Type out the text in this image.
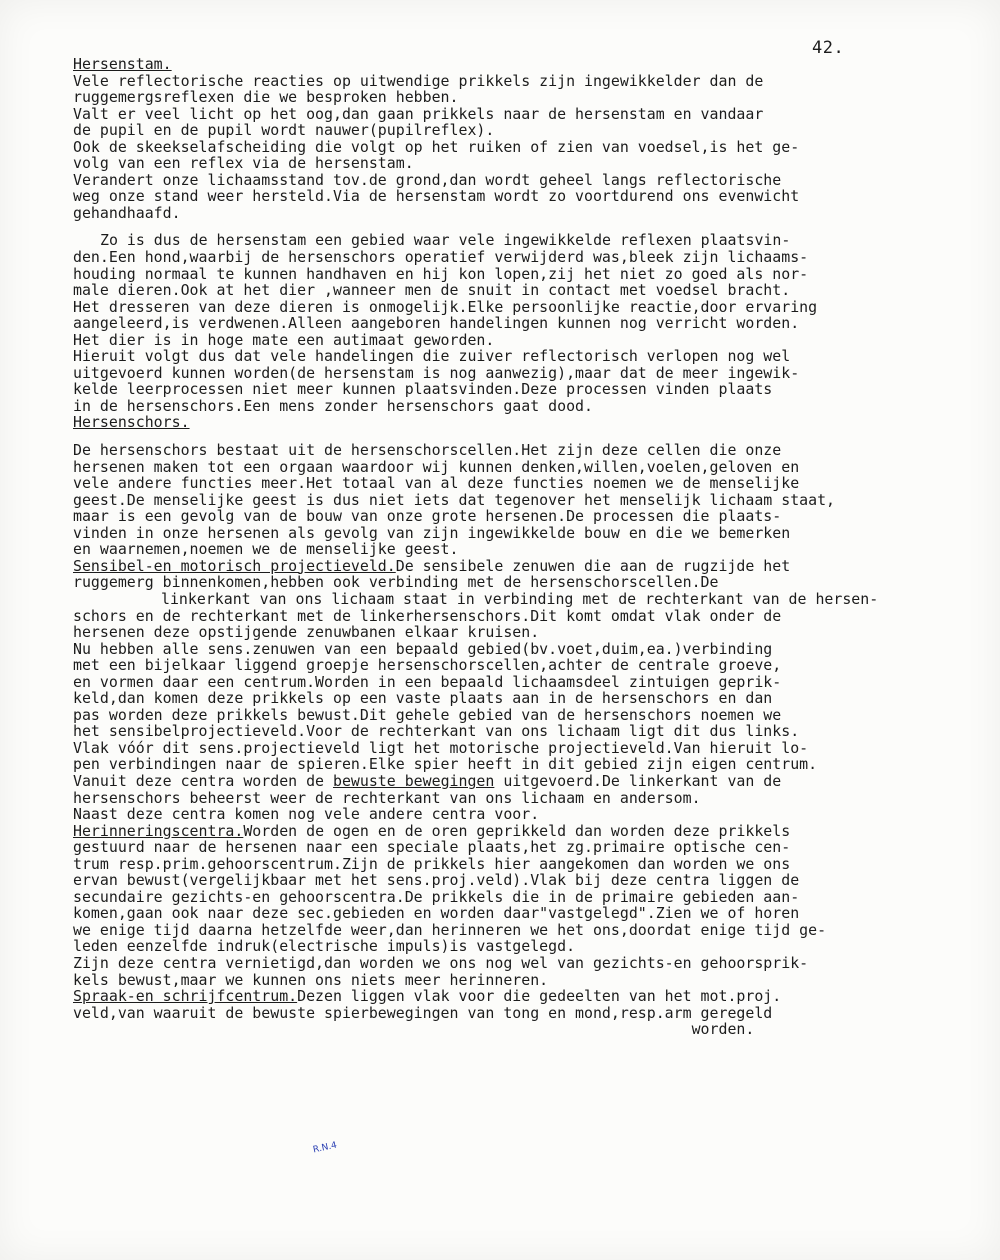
42.
Hersenstam.
Vele reflectorische reacties op uitwendige prikkels zijn ingewikkelder dan de
ruggemergsreflexen die we besproken hebben.
Valt er veel licht op het oog,dan gaan prikkels naar de hersenstam en vandaar
de pupil en de pupil wordt nauwer(pupilreflex).
Ook de skeekselafscheiding die volgt op het ruiken of zien van voedsel,is het ge-
volg van een reflex via de hersenstam.
Verandert onze lichaamsstand tov.de grond,dan wordt geheel langs reflectorische
weg onze stand weer hersteld.Via de hersenstam wordt zo voortdurend ons evenwicht
gehandhaafd.
Zo is dus de hersenstam een gebied waar vele ingewikkelde reflexen plaatsvin-
den.Een hond,waarbij de hersenschors operatief verwijderd was,bleek zijn lichaams-
houding normaal te kunnen handhaven en hij kon lopen,zij het niet zo goed als nor-
male dieren.Ook at het dier ,wanneer men de snuit in contact met voedsel bracht.
Het dresseren van deze dieren is onmogelijk.Elke persoonlijke reactie,door ervaring
aangeleerd,is verdwenen.Alleen aangeboren handelingen kunnen nog verricht worden.
Het dier is in hoge mate een autimaat geworden.
Hieruit volgt dus dat vele handelingen die zuiver reflectorisch verlopen nog wel
uitgevoerd kunnen worden(de hersenstam is nog aanwezig),maar dat de meer ingewik-
kelde leerprocessen niet meer kunnen plaatsvinden.Deze processen vinden plaats
in de hersenschors.Een mens zonder hersenschors gaat dood.
Hersenschors.
De hersenschors bestaat uit de hersenschorscellen.Het zijn deze cellen die onze
hersenen maken tot een orgaan waardoor wij kunnen denken,willen,voelen,geloven en
vele andere functies meer.Het totaal van al deze functies noemen we de menselijke
geest.De menselijke geest is dus niet iets dat tegenover het menselijk lichaam staat,
maar is een gevolg van de bouw van onze grote hersenen.De processen die plaats-
vinden in onze hersenen als gevolg van zijn ingewikkelde bouw en die we bemerken
en waarnemen,noemen we de menselijke geest.
Sensibel-en motorisch projectieveld.De sensibele zenuwen die aan de rugzijde het
ruggemerg binnenkomen,hebben ook verbinding met de hersenschorscellen.De
linkerkant van ons lichaam staat in verbinding met de rechterkant van de hersen-
schors en de rechterkant met de linkerhersenschors.Dit komt omdat vlak onder de
hersenen deze opstijgende zenuwbanen elkaar kruisen.
Nu hebben alle sens.zenuwen van een bepaald gebied(bv.voet,duim,ea.)verbinding
met een bijelkaar liggend groepje hersenschorscellen,achter de centrale groeve,
en vormen daar een centrum.Worden in een bepaald lichaamsdeel zintuigen geprik-
keld,dan komen deze prikkels op een vaste plaats aan in de hersenschors en dan
pas worden deze prikkels bewust.Dit gehele gebied van de hersenschors noemen we
het sensibelprojectieveld.Voor de rechterkant van ons lichaam ligt dit dus links.
Vlak vóór dit sens.projectieveld ligt het motorische projectieveld.Van hieruit lo-
pen verbindingen naar de spieren.Elke spier heeft in dit gebied zijn eigen centrum.
Vanuit deze centra worden de bewuste bewegingen uitgevoerd.De linkerkant van de
hersenschors beheerst weer de rechterkant van ons lichaam en andersom.
Naast deze centra komen nog vele andere centra voor.
Herinneringscentra.Worden de ogen en de oren geprikkeld dan worden deze prikkels
gestuurd naar de hersenen naar een speciale plaats,het zg.primaire optische cen-
trum resp.prim.gehoorscentrum.Zijn de prikkels hier aangekomen dan worden we ons
ervan bewust(vergelijkbaar met het sens.proj.veld).Vlak bij deze centra liggen de
secundaire gezichts-en gehoorscentra.De prikkels die in de primaire gebieden aan-
komen,gaan ook naar deze sec.gebieden en worden daar"vastgelegd".Zien we of horen
we enige tijd daarna hetzelfde weer,dan herinneren we het ons,doordat enige tijd ge-
leden eenzelfde indruk(electrische impuls)is vastgelegd.
Zijn deze centra vernietigd,dan worden we ons nog wel van gezichts-en gehoorsprik-
kels bewust,maar we kunnen ons niets meer herinneren.
Spraak-en schrijfcentrum.Dezen liggen vlak voor die gedeelten van het mot.proj.
veld,van waaruit de bewuste spierbewegingen van tong en mond,resp.arm geregeld
worden.
R.N.4
